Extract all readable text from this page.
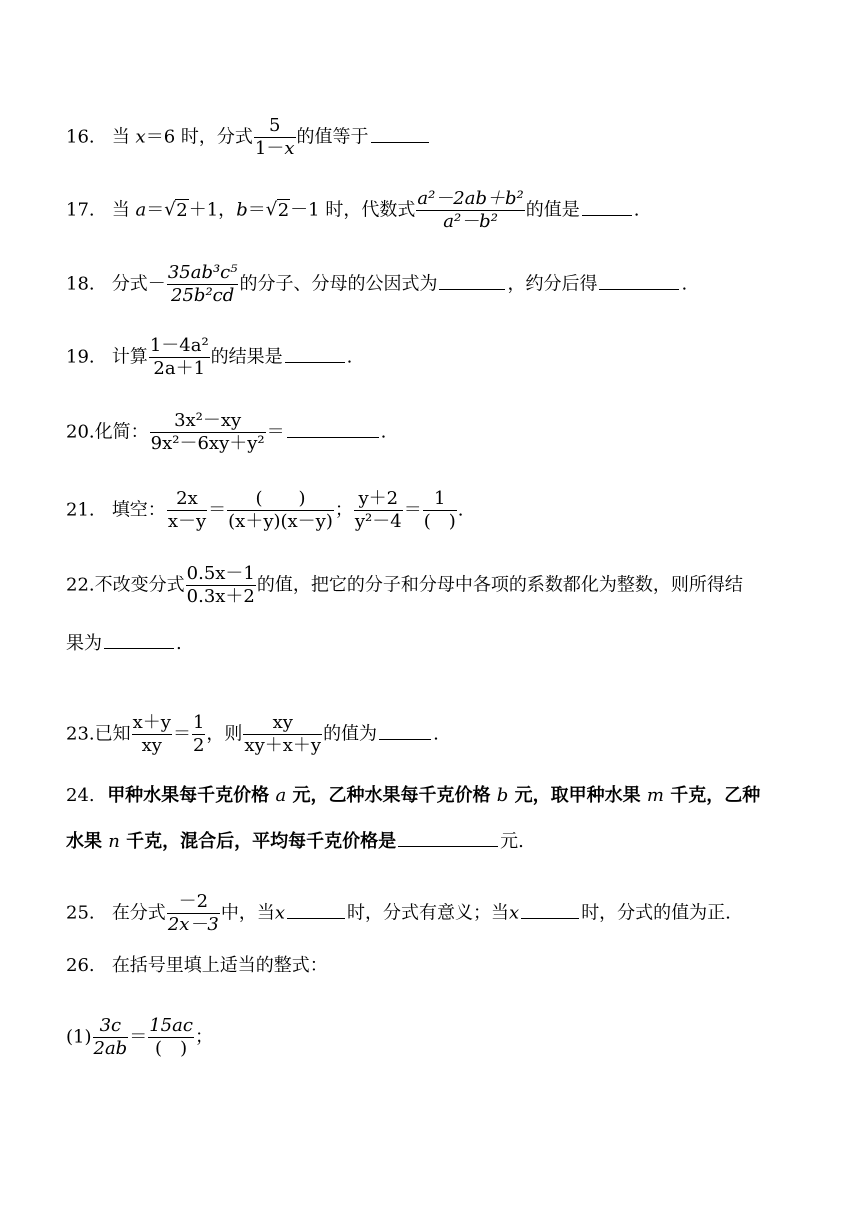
16. 当 x＝6 时，分式 $\frac{5}{1-x}$ 的值等于
17. 当 a＝ √ 2＋1，b＝ √ 2－1 时，代数式 $\frac{\text{a²－2ab＋b²}}{\text{a²－b²}}$ 的值是	.
18. 分式－ $\frac{\text{35ab³c⁵}}{\text{25b²cd}}$ 的分子、分母的公因式为	，约分后得	.
19. 计算 $\frac{\text{1－4a²}}{2a+1}$ 的结果是	.
20.化简： $\frac{\text{3x²－xy}}{\text{9x²－6xy＋y²}}$ ＝	.
21. 填空： $\frac{2x}{x-y}$ ＝
(　　)
(x＋y)(x－y)
； $\frac{y+2}{\text{y²－4}}$ ＝
1
(　)
.
22.不改变分式 $\frac{0.5x-1}{0.3x+2}$ 的值，把它的分子和分母中各项的系数都化为整数，则所得结
果为	.
23.已知 $\frac{x+y}{xy} = \frac{1}{2}$ ，则 $\frac{xy}{xy+x+y}$ 的值为	.
24. 甲种水果每千克价格 a 元，乙种水果每千克价格 b 元，取甲种水果 m 千克，乙种
水果 n 千克，混合后，平均每千克价格是	元.
25. 在分式 $\frac{-2}{2x-3}$ 中，当x	时，分式有意义；当x	时，分式的值为正.
26. 在括号里填上适当的整式：
$(1) \frac{3c}{2ab}$ ＝
15ac
(　)
；
